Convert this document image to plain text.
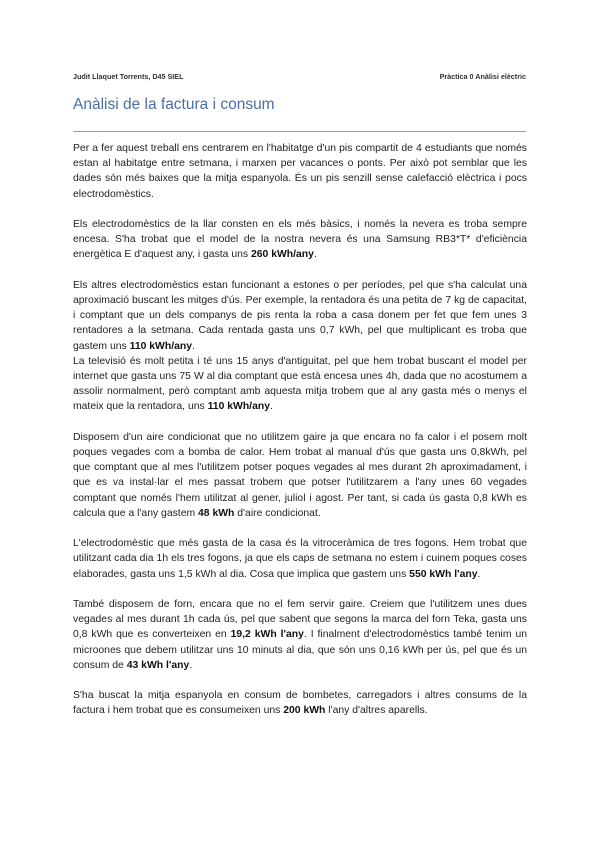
Judit Llaquet Torrents, D45 SIEL	Pràctica 0 Anàlisi elèctric
Anàlisi de la factura i consum

Per a fer aquest treball ens centrarem en l'habitatge d'un pis compartit de 4 estudiants que només estan al habitatge entre setmana, i marxen per vacances o ponts. Per això pot semblar que les dades són més baixes que la mitja espanyola. És un pis senzill sense calefacció elèctrica i pocs electrodomèstics.

Els electrodomèstics de la llar consten en els més bàsics, i només la nevera es troba sempre encesa. S'ha trobat que el model de la nostra nevera és una Samsung RB3*T* d'eficiència energètica E d'aquest any, i gasta uns 260 kWh/any.

Els altres electrodomèstics estan funcionant a estones o per períodes, pel que s'ha calculat una aproximació buscant les mitges d'ús. Per exemple, la rentadora és una petita de 7 kg de capacitat, i comptant que un dels companys de pis renta la roba a casa donem per fet que fem unes 3 rentadores a la setmana. Cada rentada gasta uns 0,7 kWh, pel que multiplicant es troba que gastem uns 110 kWh/any.

La televisió és molt petita i té uns 15 anys d'antiguitat, pel que hem trobat buscant el model per internet que gasta uns 75 W al dia comptant que està encesa unes 4h, dada que no acostumem a assolir normalment, però comptant amb aquesta mitja trobem que al any gasta més o menys el mateix que la rentadora, uns 110 kWh/any.

Disposem d'un aire condicionat que no utilitzem gaire ja que encara no fa calor i el posem molt poques vegades com a bomba de calor. Hem trobat al manual d'ús que gasta uns 0,8kWh, pel que comptant que al mes l'utilitzem potser poques vegades al mes durant 2h aproximadament, i que es va instal·lar el mes passat trobem que potser l'utilitzarem a l'any unes 60 vegades comptant que només l'hem utilitzat al gener, juliol i agost. Per tant, si cada ús gasta 0,8 kWh es calcula que a l'any gastem 48 kWh d'aire condicionat.

L'electrodomèstic que més gasta de la casa és la vitroceràmica de tres fogons. Hem trobat que utilitzant cada dia 1h els tres fogons, ja que els caps de setmana no estem i cuinem poques coses elaborades, gasta uns 1,5 kWh al dia. Cosa que implica que gastem uns 550 kWh l'any.

També disposem de forn, encara que no el fem servir gaire. Creiem que l'utilitzem unes dues vegades al mes durant 1h cada ús, pel que sabent que segons la marca del forn Teka, gasta uns 0,8 kWh que es converteixen en 19,2 kWh l'any. I finalment d'electrodomèstics també tenim un microones que debem utilitzar uns 10 minuts al dia, que són uns 0,16 kWh per ús, pel que és un consum de 43 kWh l'any.

S'ha buscat la mitja espanyola en consum de bombetes, carregadors i altres consums de la factura i hem trobat que es consumeixen uns 200 kWh l'any d'altres aparells.
